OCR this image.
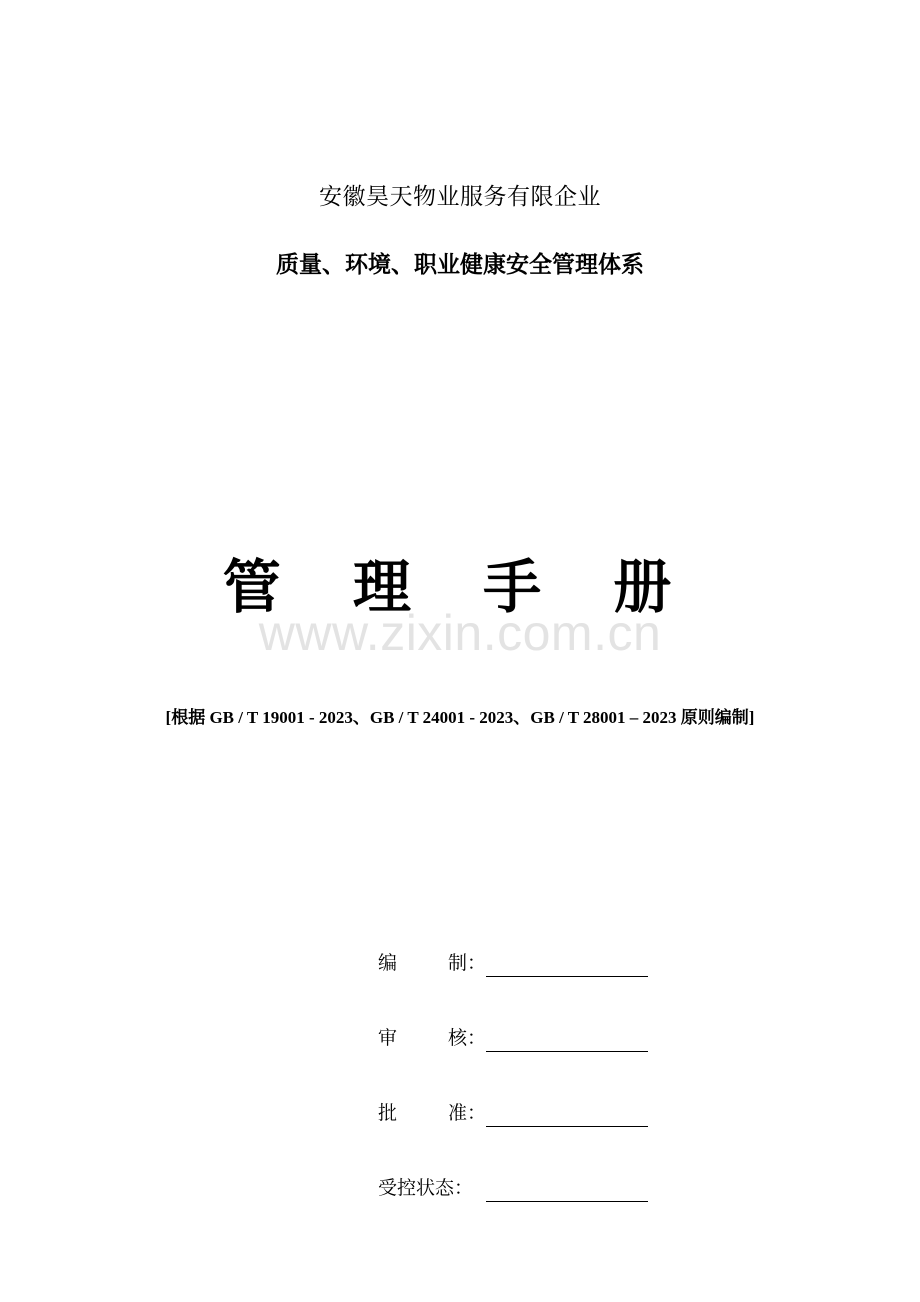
安徽昊天物业服务有限企业
质量、环境、职业健康安全管理体系
管 理 手 册
www.zixin.com.cn
[根据 GB / T 19001 - 2023、GB / T 24001 - 2023、GB / T 28001 – 2023 原则编制]
编	制：
审	核：
批	准：
受控状态：
